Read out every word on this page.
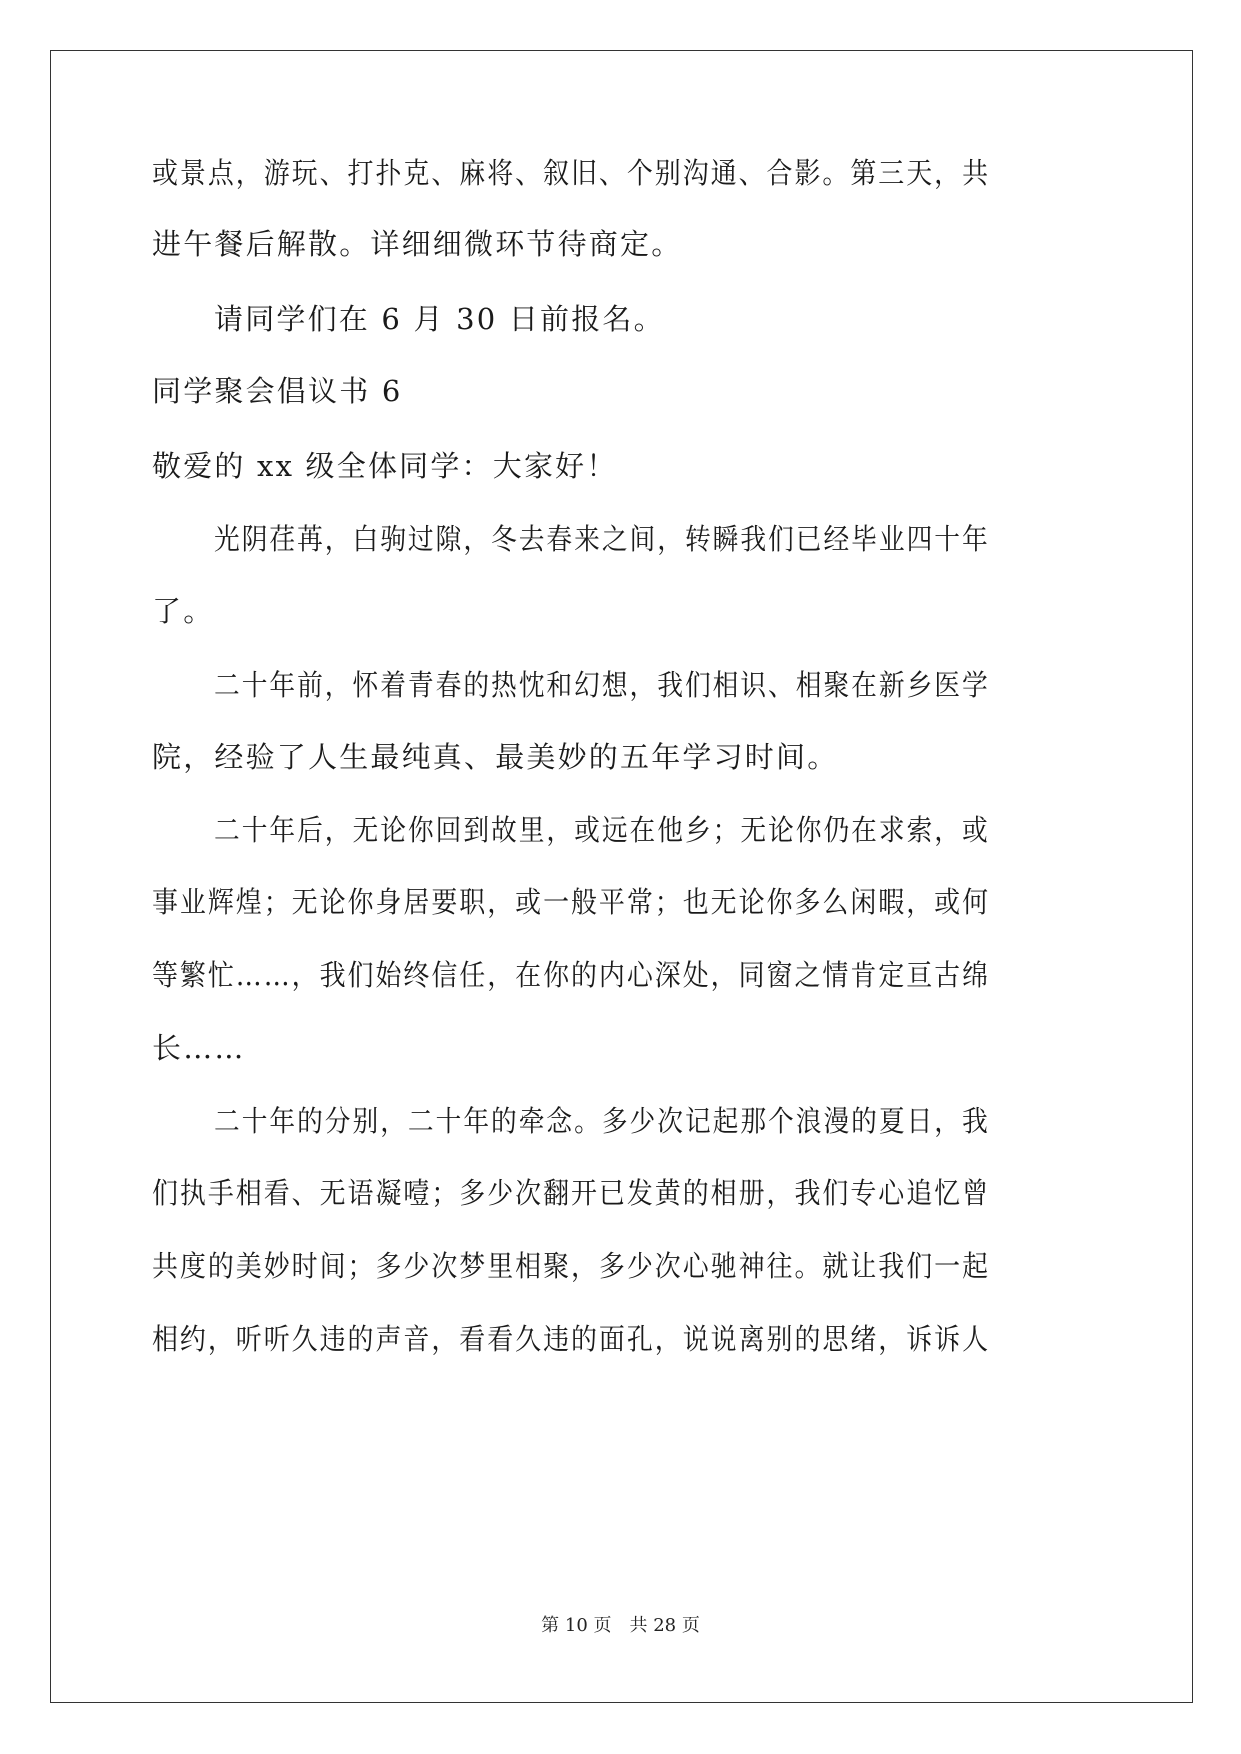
或景点，游玩、打扑克、麻将、叙旧、个别沟通、合影。第三天，共
进午餐后解散。详细细微环节待商定。
请同学们在 6 月 30 日前报名。
同学聚会倡议书 6
敬爱的 xx 级全体同学：大家好！
光阴荏苒，白驹过隙，冬去春来之间，转瞬我们已经毕业四十年
了。
二十年前，怀着青春的热忱和幻想，我们相识、相聚在新乡医学
院，经验了人生最纯真、最美妙的五年学习时间。
二十年后，无论你回到故里，或远在他乡；无论你仍在求索，或
事业辉煌；无论你身居要职，或一般平常；也无论你多么闲暇，或何
等繁忙……，我们始终信任，在你的内心深处，同窗之情肯定亘古绵
长……
二十年的分别，二十年的牵念。多少次记起那个浪漫的夏日，我
们执手相看、无语凝噎；多少次翻开已发黄的相册，我们专心追忆曾
共度的美妙时间；多少次梦里相聚，多少次心驰神往。就让我们一起
相约，听听久违的声音，看看久违的面孔，说说离别的思绪，诉诉人
第 10 页　共 28 页
